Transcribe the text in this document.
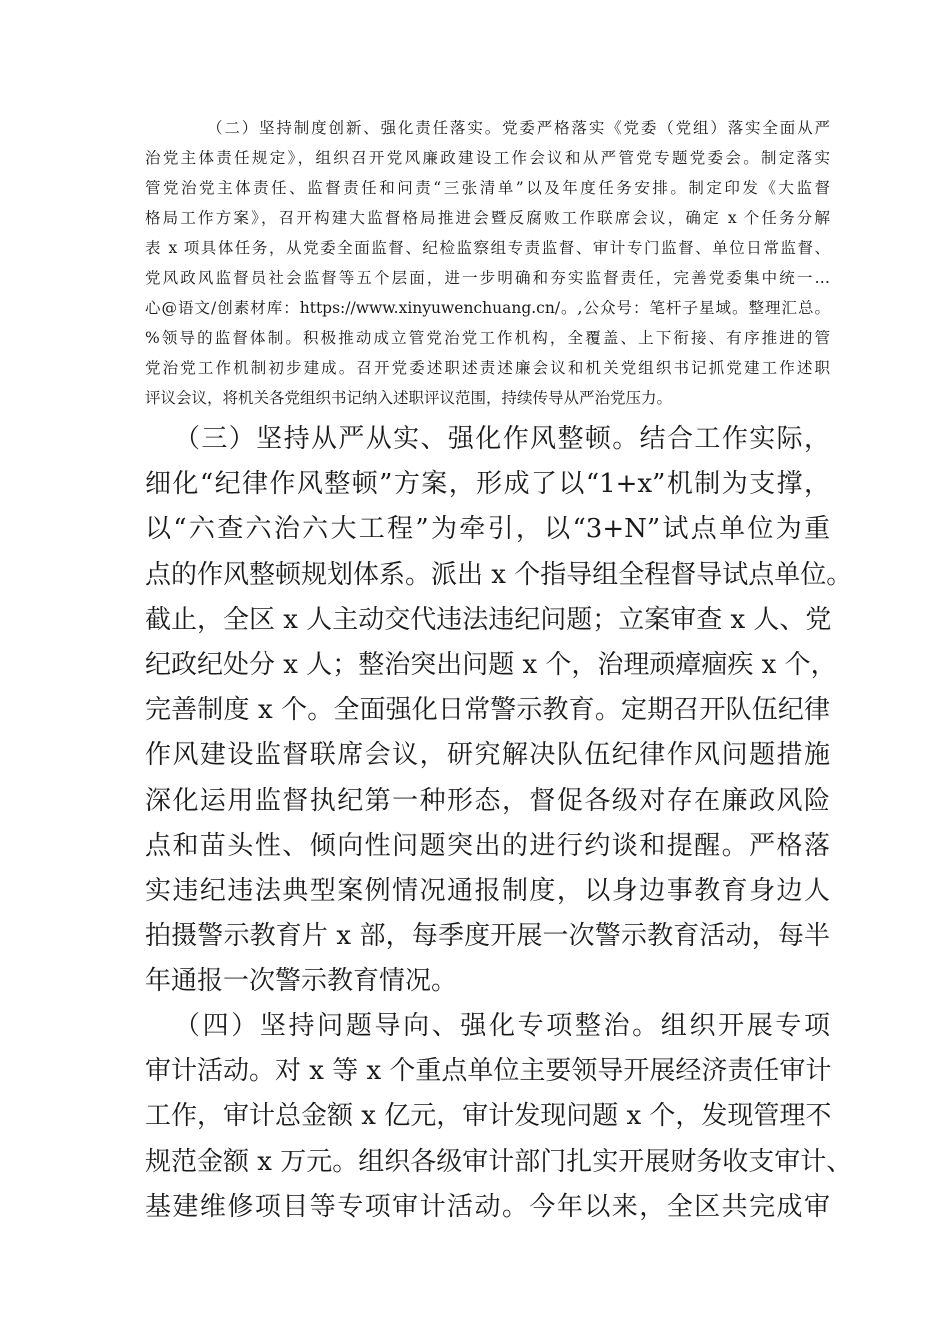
（二）坚持制度创新、强化责任落实。党委严格落实《党委（党组）落实全面从严
治党主体责任规定》，组织召开党风廉政建设工作会议和从严管党专题党委会。制定落实
管党治党主体责任、监督责任和问责“三张清单”以及年度任务安排。制定印发《大监督
格局工作方案》，召开构建大监督格局推进会暨反腐败工作联席会议，确定 x 个任务分解
表 x 项具体任务，从党委全面监督、纪检监察组专责监督、审计专门监督、单位日常监督、
党风政风监督员社会监督等五个层面，进一步明确和夯实监督责任，完善党委集中统一…
心@语文/创素材库：https://www.xinyuwenchuang.cn/。,公众号：笔杆子星域。整理汇总。
%领导的监督体制。积极推动成立管党治党工作机构，全覆盖、上下衔接、有序推进的管
党治党工作机制初步建成。召开党委述职述责述廉会议和机关党组织书记抓党建工作述职
评议会议，将机关各党组织书记纳入述职评议范围，持续传导从严治党压力。
（三）坚持从严从实、强化作风整顿。结合工作实际，
细化“纪律作风整顿”方案，形成了以“1+x”机制为支撑，
以“六查六治六大工程”为牵引，以“3+N”试点单位为重
点的作风整顿规划体系。派出 x 个指导组全程督导试点单位。
截止，全区 x 人主动交代违法违纪问题；立案审查 x 人、党
纪政纪处分 x 人；整治突出问题 x 个，治理顽瘴痼疾 x 个，
完善制度 x 个。全面强化日常警示教育。定期召开队伍纪律
作风建设监督联席会议，研究解决队伍纪律作风问题措施
深化运用监督执纪第一种形态，督促各级对存在廉政风险
点和苗头性、倾向性问题突出的进行约谈和提醒。严格落
实违纪违法典型案例情况通报制度，以身边事教育身边人
拍摄警示教育片 x 部，每季度开展一次警示教育活动，每半
年通报一次警示教育情况。
（四）坚持问题导向、强化专项整治。组织开展专项
审计活动。对 x 等 x 个重点单位主要领导开展经济责任审计
工作，审计总金额 x 亿元，审计发现问题 x 个，发现管理不
规范金额 x 万元。组织各级审计部门扎实开展财务收支审计、
基建维修项目等专项审计活动。今年以来，全区共完成审
